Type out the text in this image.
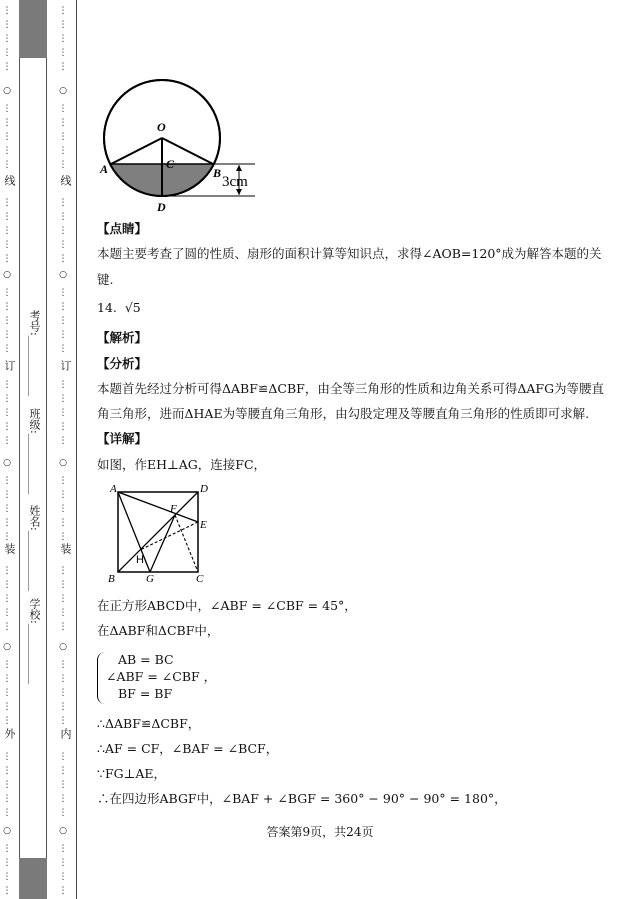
⋮
⋮
⋮
⋮
⋮
○
⋮
⋮
⋮
⋮
⋮
⋮
⋮
⋮
⋮
⋮
○
⋮
⋮
⋮
⋮
⋮
⋮
⋮
⋮
⋮
⋮
○
⋮
⋮
⋮
⋮
⋮
⋮
⋮
⋮
⋮
⋮
○
⋮
⋮
⋮
⋮
⋮
⋮
⋮
⋮
⋮
⋮
○
⋮
⋮
⋮
⋮
线
订
装
外
学校:___________
姓名:___________
班级:___________
考号:___________
⋮
⋮
⋮
⋮
⋮
○
⋮
⋮
⋮
⋮
⋮
⋮
⋮
⋮
⋮
⋮
○
⋮
⋮
⋮
⋮
⋮
⋮
⋮
⋮
⋮
⋮
○
⋮
⋮
⋮
⋮
⋮
⋮
⋮
⋮
⋮
⋮
○
⋮
⋮
⋮
⋮
⋮
⋮
⋮
⋮
⋮
⋮
○
⋮
⋮
⋮
⋮
线
订
装
内
O
A	B
C
D
3cm
【点睛】
本题主要考查了圆的性质、扇形的面积计算等知识点，求得∠AOB=120°成为解答本题的关
键.
14. √5
【解析】
【分析】
本题首先经过分析可得ΔABF≌ΔCBF，由全等三角形的性质和边角关系可得ΔAFG为等腰直
角三角形，进而ΔHAE为等腰直角三角形，由勾股定理及等腰直角三角形的性质即可求解.
【详解】
如图，作EH⊥AG，连接FC，
A	D
F
E
H
B	G	C
在正方形ABCD中，∠ABF = ∠CBF = 45°，
在ΔABF和ΔCBF中，
AB = BC
∠ABF = ∠CBF ，
BF = BF
∴ΔABF≌ΔCBF，
∴AF = CF，∠BAF = ∠BCF，
∵FG⊥AE，
∴在四边形ABGF中，∠BAF + ∠BGF = 360° − 90° − 90° = 180°，
答案第9页，共24页
